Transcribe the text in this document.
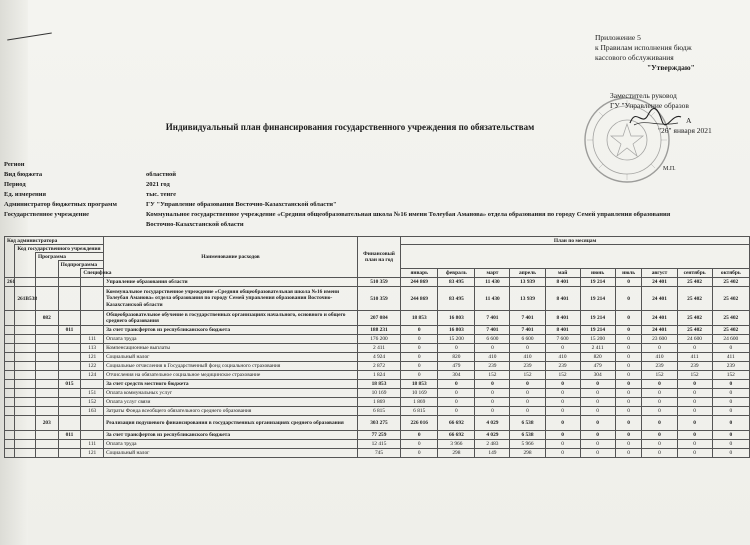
Приложение 5
к Правилам исполнения бюдж
кассового обслуживания
"Утверждаю"
Заместитель руковод
ГУ "Управление образов
А
"26" января 2021
М.П.
Индивидуальный план финансирования государственного учреждения по обязательствам
Регион
Вид бюджета	областной
Период	2021 год
Ед. измерения	тыс. тенге
Администратор бюджетных программ	ГУ "Управление образования Восточно-Казахстанской области"
Государственное учреждение	Коммунальное государственное учреждение «Средняя общеобразовательная школа №16 имени Толеубая Аманова» отдела образования по городу Семей управления образования
Восточно-Казахстанской области
Код администратора					Наименование расходов	Финансовый план на год	План по месяцам									
	Код государственного учреждения															
		Программа														
			Подпрограмма													
				Специфика			январь	февраль	март	апрель	май	июнь	июль	август	сентябрь	октябрь
261					Управление образования области	510 359	244 869	83 495	11 430	13 939	8 401	19 214	0	24 401	25 402	25 402
	261В538				Коммунальное государственное учреждение «Средняя общеобразовательная школа №16 имени Толеубая Аманова» отдела образования по городу Семей управления образования Восточно-Казахстанской области	510 359	244 869	83 495	11 430	13 939	8 401	19 214	0	24 401	25 402	25 402
		082			Общеобразовательное обучение в государственных организациях начального, основного и общего среднего образования	207 084	18 853	16 803	7 401	7 401	8 401	19 214	0	24 401	25 402	25 402
			011		За счет трансфертов из республиканского бюджета	188 231	0	16 803	7 401	7 401	8 401	19 214	0	24 401	25 402	25 402
				111	Оплата труда	176 200	0	15 200	6 600	6 600	7 600	15 200	0	23 600	24 600	24 600
				113	Компенсационные выплаты	2 411	0	0	0	0	0	2 411	0	0	0	0
				121	Социальный налог	4 924	0	820	410	410	410	820	0	410	411	411
				122	Социальные отчисления в Государственный фонд социального страхования	2 872	0	479	239	239	239	479	0	239	239	239
				124	Отчисления на обязательное социальное медицинское страхование	1 824	0	304	152	152	152	304	0	152	152	152
			015		За счет средств местного бюджета	18 853	18 853	0	0	0	0	0	0	0	0	0
				151	Оплата коммунальных услуг	10 169	10 169	0	0	0	0	0	0	0	0	0
				152	Оплата услуг связи	1 869	1 869	0	0	0	0	0	0	0	0	0
				163	Затраты Фонда всеобщего обязательного среднего образования	6 815	6 815	0	0	0	0	0	0	0	0	0
		203			Реализация подушевого финансирования в государственных организациях среднего образования	303 275	226 016	66 692	4 029	6 538	0	0	0	0	0	0
			011		За счет трансфертов из республиканского бюджета	77 259	0	66 692	4 029	6 538	0	0	0	0	0	0
				111	Оплата труда	12 415	0	3 966	2 483	5 966	0	0	0	0	0	0
				121	Социальный налог	745	0	298	149	298	0	0	0	0	0	0
